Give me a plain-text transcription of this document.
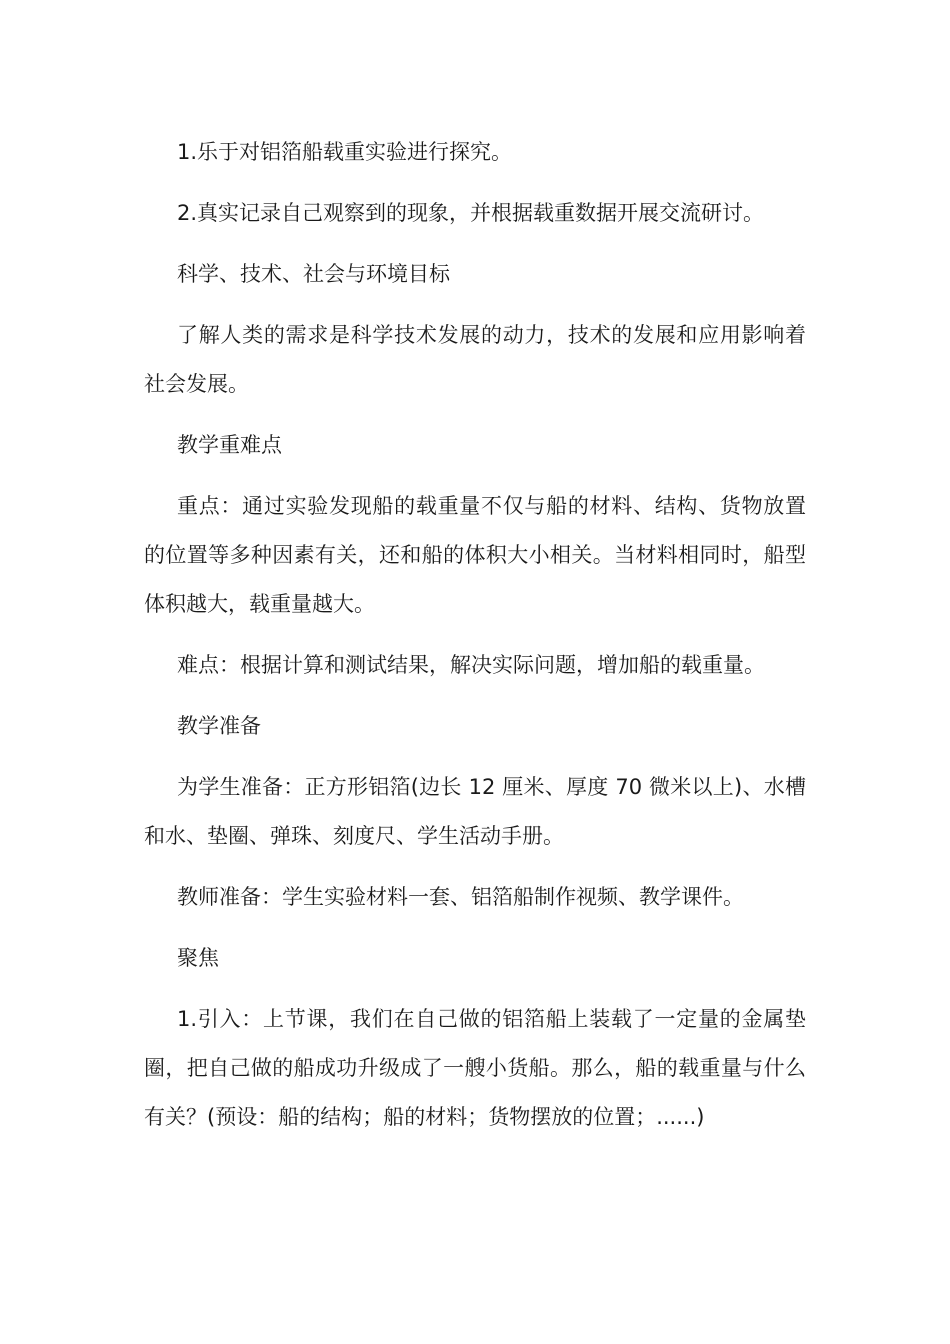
1.乐于对铝箔船载重实验进行探究。

2.真实记录自己观察到的现象，并根据载重数据开展交流研讨。

科学、技术、社会与环境目标

了解人类的需求是科学技术发展的动力，技术的发展和应用影响着社会发展。

教学重难点

重点：通过实验发现船的载重量不仅与船的材料、结构、货物放置的位置等多种因素有关，还和船的体积大小相关。当材料相同时，船型体积越大，载重量越大。

难点：根据计算和测试结果，解决实际问题，增加船的载重量。

教学准备

为学生准备：正方形铝箔(边长 12 厘米、厚度 70 微米以上)、水槽和水、垫圈、弹珠、刻度尺、学生活动手册。

教师准备：学生实验材料一套、铝箔船制作视频、教学课件。

聚焦

1.引入：上节课，我们在自己做的铝箔船上装载了一定量的金属垫圈，把自己做的船成功升级成了一艘小货船。那么，船的载重量与什么有关？(预设：船的结构；船的材料；货物摆放的位置；......)
